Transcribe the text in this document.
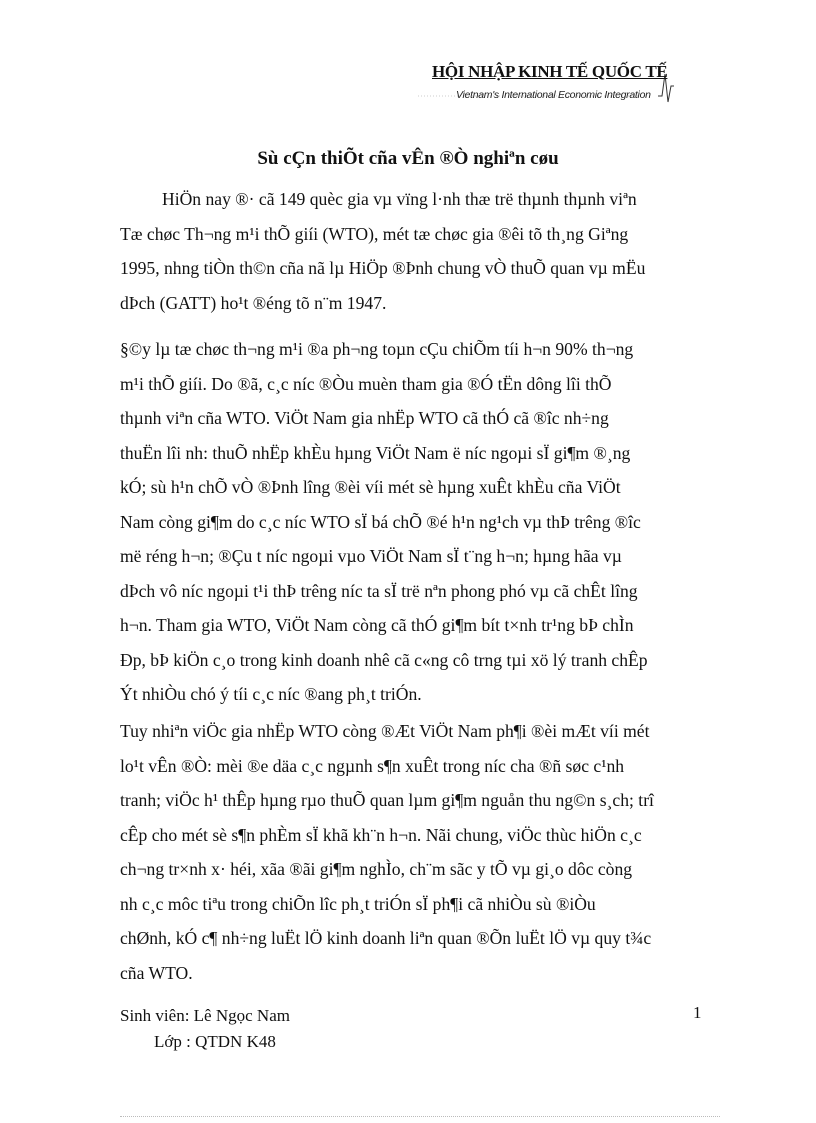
HỘI NHẬP KINH TẾ QUỐC TẾ
Vietnam's International Economic Integration
Sù cÇn thiÕt cña vÊn ®Ò nghiªn cøu
HiÖn nay ®· cã 149 quèc gia vµ vïng l·nh thæ trë thµnh thµnh viªn
Tæ chøc Th¬ng m¹i thÕ giíi (WTO), mét tæ chøc gia ®êi tõ th¸ng Giªng
1995, nhng tiÒn th©n cña nã lµ HiÖp ®Þnh chung vÒ thuÕ quan vµ mËu
dÞch (GATT) ho¹t ®éng tõ n¨m 1947.
§©y lµ tæ chøc th¬ng m¹i ®a ph¬ng toµn cÇu chiÕm tíi h¬n 90% th¬ng
m¹i thÕ giíi. Do ®ã, c¸c níc ®Òu muèn tham gia ®Ó tËn dông lîi thÕ
thµnh viªn cña WTO. ViÖt Nam gia nhËp WTO cã thÓ cã ®îc nh÷ng
thuËn lîi nh: thuÕ nhËp khÈu hµng ViÖt Nam ë níc ngoµi sÏ gi¶m ®¸ng
kÓ; sù h¹n chÕ vÒ ®Þnh lîng ®èi víi mét sè hµng xuÊt khÈu cña ViÖt
Nam còng gi¶m do c¸c níc WTO sÏ bá chÕ ®é h¹n ng¹ch vµ thÞ trêng ®îc
më réng h¬n; ®Çu t níc ngoµi vµo ViÖt Nam sÏ t¨ng h¬n; hµng hãa vµ
dÞch vô níc ngoµi t¹i thÞ trêng níc ta sÏ trë nªn phong phó vµ cã chÊt lîng
h¬n. Tham gia WTO, ViÖt Nam còng cã thÓ gi¶m bít t×nh tr¹ng bÞ chÌn
Ðp, bÞ kiÖn c¸o trong kinh doanh nhê cã c«ng cô trng tµi xö lý tranh chÊp
Ýt nhiÒu chó ý tíi c¸c níc ®ang ph¸t triÓn.
Tuy nhiªn viÖc gia nhËp WTO còng ®Æt ViÖt Nam ph¶i ®èi mÆt víi mét
lo¹t vÊn ®Ò: mèi ®e däa c¸c ngµnh s¶n xuÊt trong níc cha ®ñ søc c¹nh
tranh; viÖc h¹ thÊp hµng rµo thuÕ quan lµm gi¶m nguån thu ng©n s¸ch; trî
cÊp cho mét sè s¶n phÈm sÏ khã kh¨n h¬n. Nãi chung, viÖc thùc hiÖn c¸c
ch¬ng tr×nh x· héi, xãa ®ãi gi¶m nghÌo, ch¨m sãc y tÕ vµ gi¸o dôc còng
nh c¸c môc tiªu trong chiÕn lîc ph¸t triÓn sÏ ph¶i cã nhiÒu sù ®iÒu
chØnh, kÓ c¶ nh÷ng luËt lÖ kinh doanh liªn quan ®Õn luËt lÖ vµ quy t¾c
cña WTO.
Sinh viên: Lê Ngọc Nam
Lớp : QTDN K48
1
